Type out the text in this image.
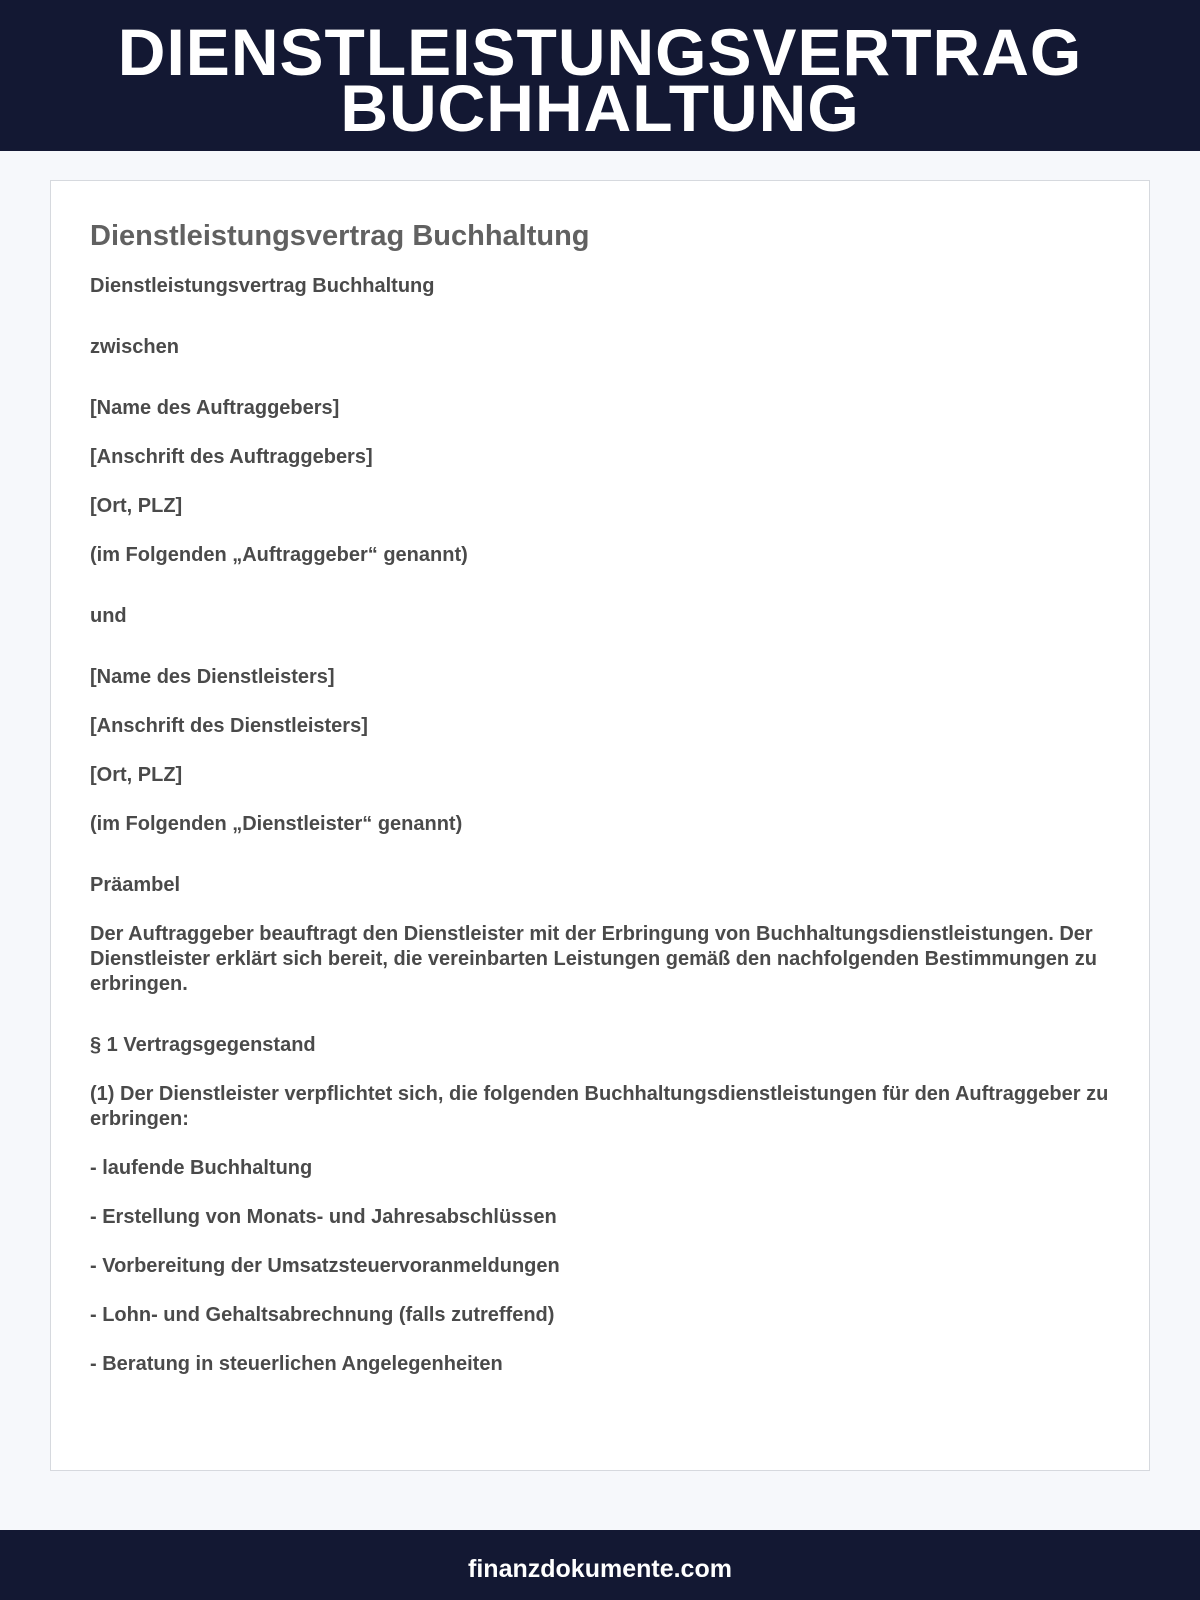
DIENSTLEISTUNGSVERTRAG
BUCHHALTUNG
Dienstleistungsvertrag Buchhaltung

Dienstleistungsvertrag Buchhaltung

zwischen

[Name des Auftraggebers]

[Anschrift des Auftraggebers]

[Ort, PLZ]

(im Folgenden „Auftraggeber“ genannt)

und

[Name des Dienstleisters]

[Anschrift des Dienstleisters]

[Ort, PLZ]

(im Folgenden „Dienstleister“ genannt)

Präambel

Der Auftraggeber beauftragt den Dienstleister mit der Erbringung von Buchhaltungsdienstleistungen. Der Dienstleister erklärt sich bereit, die vereinbarten Leistungen gemäß den nachfolgenden Bestimmungen zu erbringen.

§ 1 Vertragsgegenstand

(1) Der Dienstleister verpflichtet sich, die folgenden Buchhaltungsdienstleistungen für den Auftraggeber zu erbringen:

- laufende Buchhaltung

- Erstellung von Monats- und Jahresabschlüssen

- Vorbereitung der Umsatzsteuervoranmeldungen

- Lohn- und Gehaltsabrechnung (falls zutreffend)

- Beratung in steuerlichen Angelegenheiten

finanzdokumente.com
